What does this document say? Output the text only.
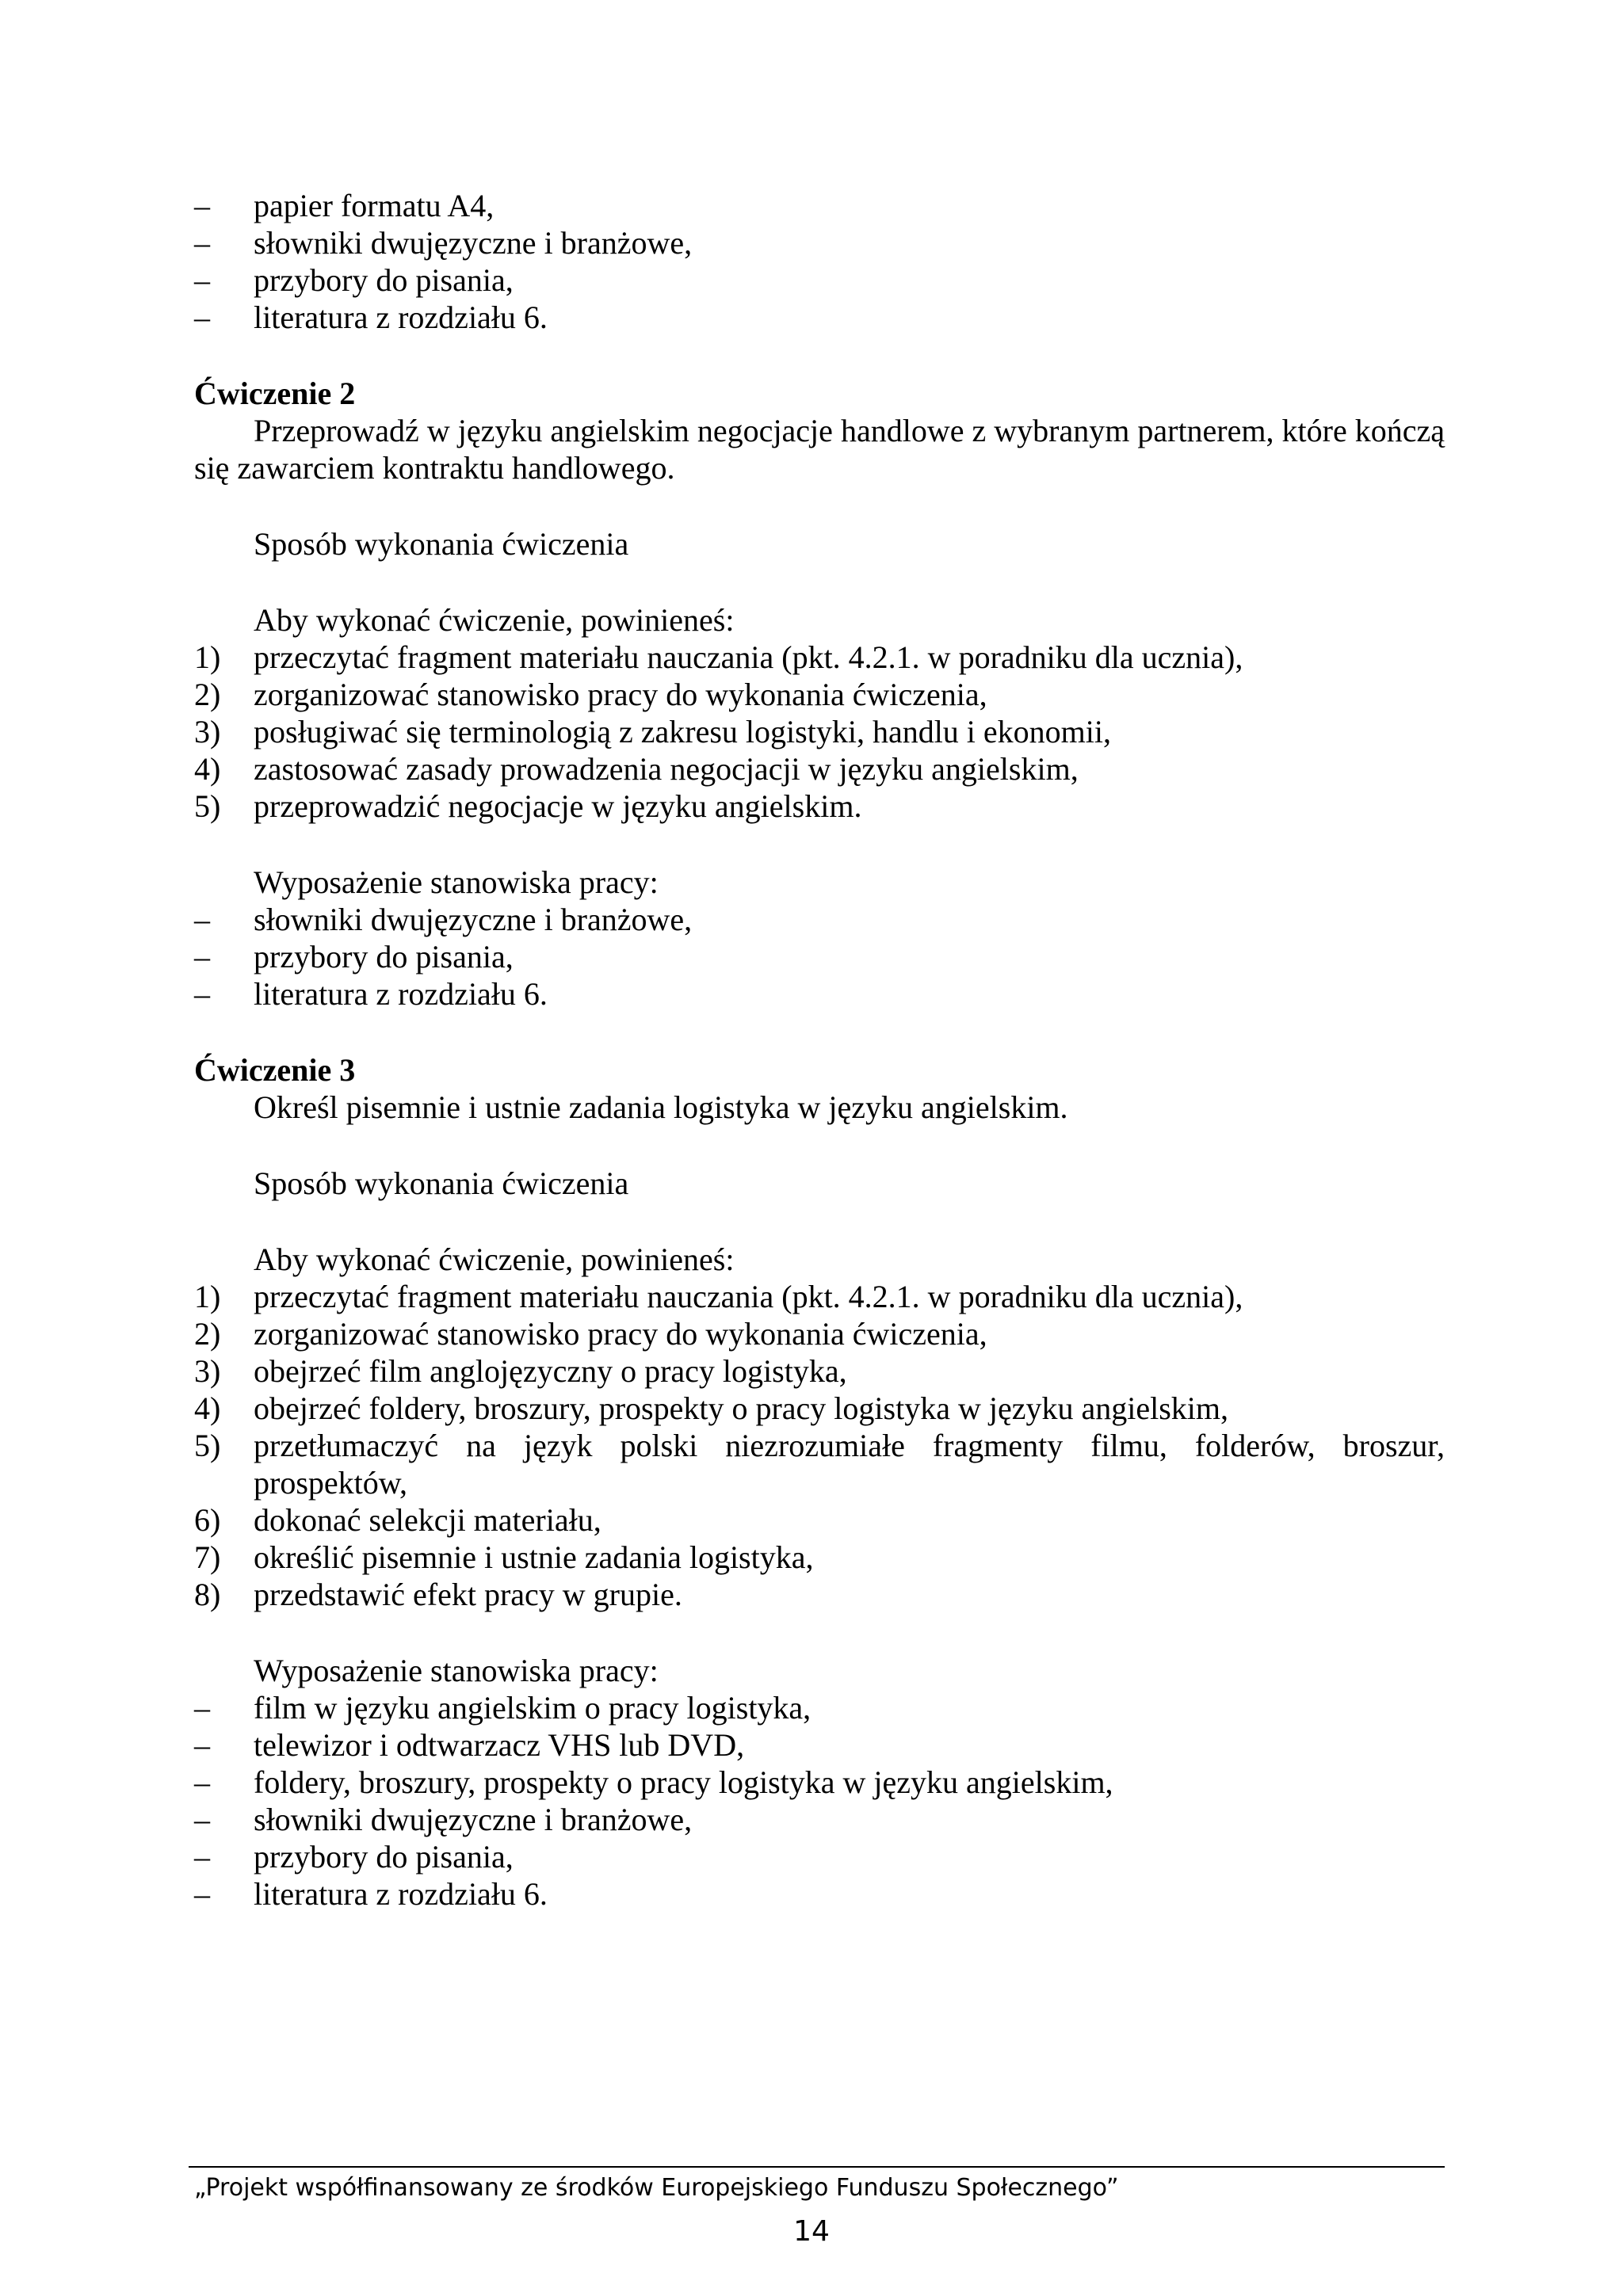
–	papier formatu A4,
–	słowniki dwujęzyczne i branżowe,
–	przybory do pisania,
–	literatura z rozdziału 6.

Ćwiczenie 2

Przeprowadź w języku angielskim negocjacje handlowe z wybranym partnerem, które kończą się zawarciem kontraktu handlowego.

Sposób wykonania ćwiczenia

Aby wykonać ćwiczenie, powinieneś:

1)	przeczytać fragment materiału nauczania (pkt. 4.2.1. w poradniku dla ucznia),
2)	zorganizować stanowisko pracy do wykonania ćwiczenia,
3)	posługiwać się terminologią z zakresu logistyki, handlu i ekonomii,
4)	zastosować zasady prowadzenia negocjacji w języku angielskim,
5)	przeprowadzić negocjacje w języku angielskim.

Wyposażenie stanowiska pracy:

–	słowniki dwujęzyczne i branżowe,
–	przybory do pisania,
–	literatura z rozdziału 6.

Ćwiczenie 3

Określ pisemnie i ustnie zadania logistyka w języku angielskim.

Sposób wykonania ćwiczenia

Aby wykonać ćwiczenie, powinieneś:

1)	przeczytać fragment materiału nauczania (pkt. 4.2.1. w poradniku dla ucznia),
2)	zorganizować stanowisko pracy do wykonania ćwiczenia,
3)	obejrzeć film anglojęzyczny o pracy logistyka,
4)	obejrzeć foldery, broszury, prospekty o pracy logistyka w języku angielskim,
5)	przetłumaczyć na język polski niezrozumiałe fragmenty filmu, folderów, broszur, prospektów,
6)	dokonać selekcji materiału,
7)	określić pisemnie i ustnie zadania logistyka,
8)	przedstawić efekt pracy w grupie.

Wyposażenie stanowiska pracy:

–	film w języku angielskim o pracy logistyka,
–	telewizor i odtwarzacz VHS lub DVD,
–	foldery, broszury, prospekty o pracy logistyka w języku angielskim,
–	słowniki dwujęzyczne i branżowe,
–	przybory do pisania,
–	literatura z rozdziału 6.
„Projekt współfinansowany ze środków Europejskiego Funduszu Społecznego”
14
